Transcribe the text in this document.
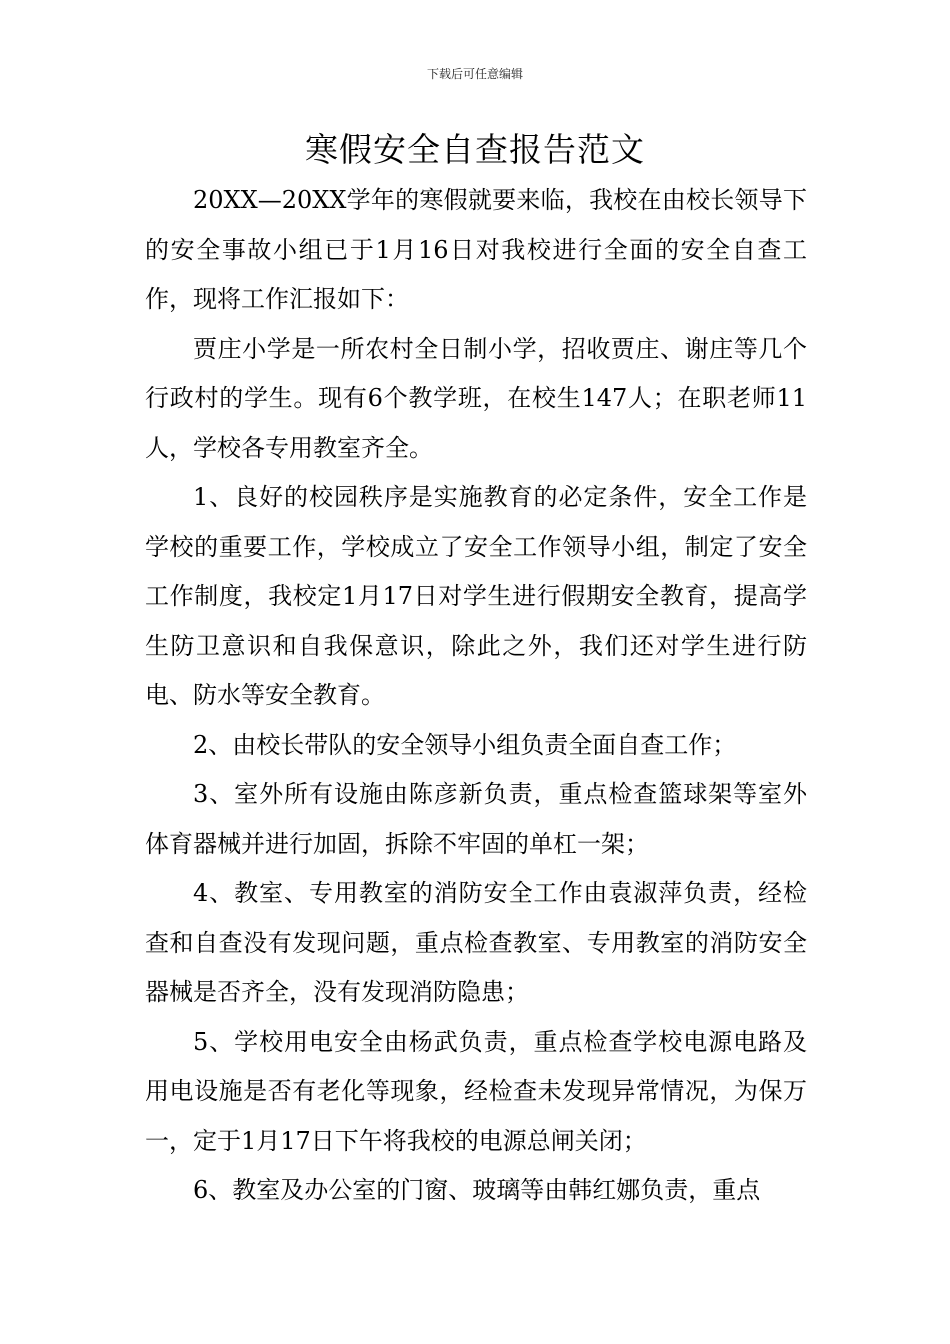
下载后可任意编辑
寒假安全自查报告范文

20XX—20XX学年的寒假就要来临，我校在由校长领导下的安全事故小组已于1月16日对我校进行全面的安全自查工作，现将工作汇报如下：

贾庄小学是一所农村全日制小学，招收贾庄、谢庄等几个行政村的学生。现有6个教学班，在校生147人；在职老师11人，学校各专用教室齐全。

1、良好的校园秩序是实施教育的必定条件，安全工作是学校的重要工作，学校成立了安全工作领导小组，制定了安全工作制度，我校定1月17日对学生进行假期安全教育，提高学生防卫意识和自我保意识，除此之外，我们还对学生进行防电、防水等安全教育。

2、由校长带队的安全领导小组负责全面自查工作；

3、室外所有设施由陈彦新负责，重点检查篮球架等室外体育器械并进行加固，拆除不牢固的单杠一架；

4、教室、专用教室的消防安全工作由袁淑萍负责，经检查和自查没有发现问题，重点检查教室、专用教室的消防安全器械是否齐全，没有发现消防隐患；

5、学校用电安全由杨武负责，重点检查学校电源电路及用电设施是否有老化等现象，经检查未发现异常情况，为保万一，定于1月17日下午将我校的电源总闸关闭；

6、教室及办公室的门窗、玻璃等由韩红娜负责，重点
